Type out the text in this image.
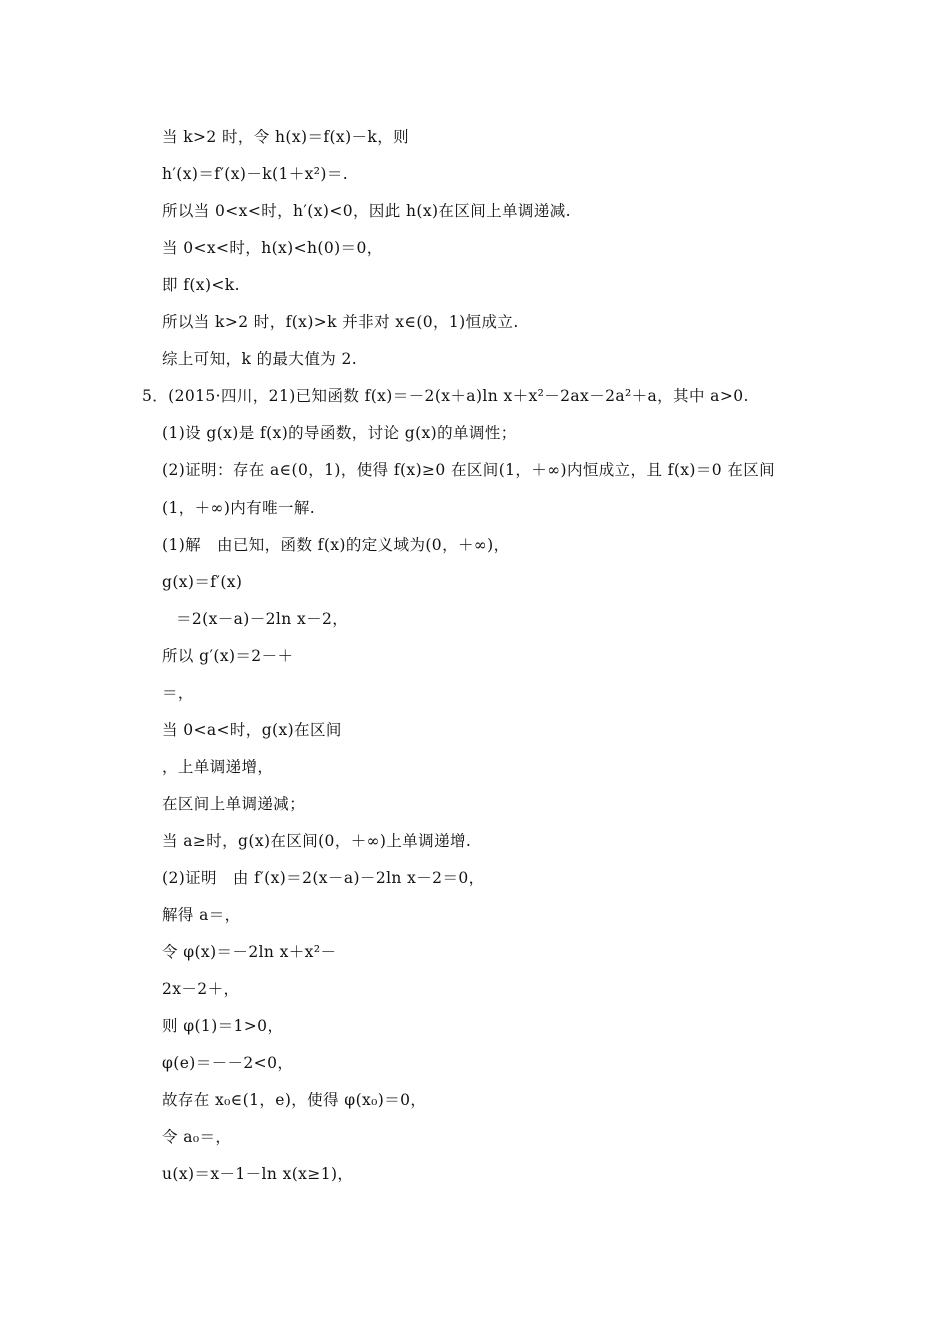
当 k>2 时，令 h(x)＝f(x)－k，则
h′(x)＝f′(x)－k(1＋x²)＝.
所以当 0<x<时，h′(x)<0，因此 h(x)在区间上单调递减.
当 0<x<时，h(x)<h(0)＝0，
即 f(x)<k.
所以当 k>2 时，f(x)>k 并非对 x∈(0，1)恒成立.
综上可知，k 的最大值为 2.
5．(2015·四川，21)已知函数 f(x)＝－2(x＋a)ln x＋x²－2ax－2a²＋a，其中 a>0.
(1)设 g(x)是 f(x)的导函数，讨论 g(x)的单调性；
(2)证明：存在 a∈(0，1)，使得 f(x)≥0 在区间(1，＋∞)内恒成立，且 f(x)＝0 在区间
(1，＋∞)内有唯一解.
(1)解　由已知，函数 f(x)的定义域为(0，＋∞)，
g(x)＝f′(x)
＝2(x－a)－2ln x－2，
所以 g′(x)＝2－＋
＝，
当 0<a<时，g(x)在区间
，上单调递增，
在区间上单调递减；
当 a≥时，g(x)在区间(0，＋∞)上单调递增.
(2)证明　由 f′(x)＝2(x－a)－2ln x－2＝0，
解得 a＝，
令 φ(x)＝－2ln x＋x²－
2x－2＋，
则 φ(1)＝1>0，
φ(e)＝－－2<0，
故存在 x₀∈(1，e)，使得 φ(x₀)＝0，
令 a₀＝，
u(x)＝x－1－ln x(x≥1)，
